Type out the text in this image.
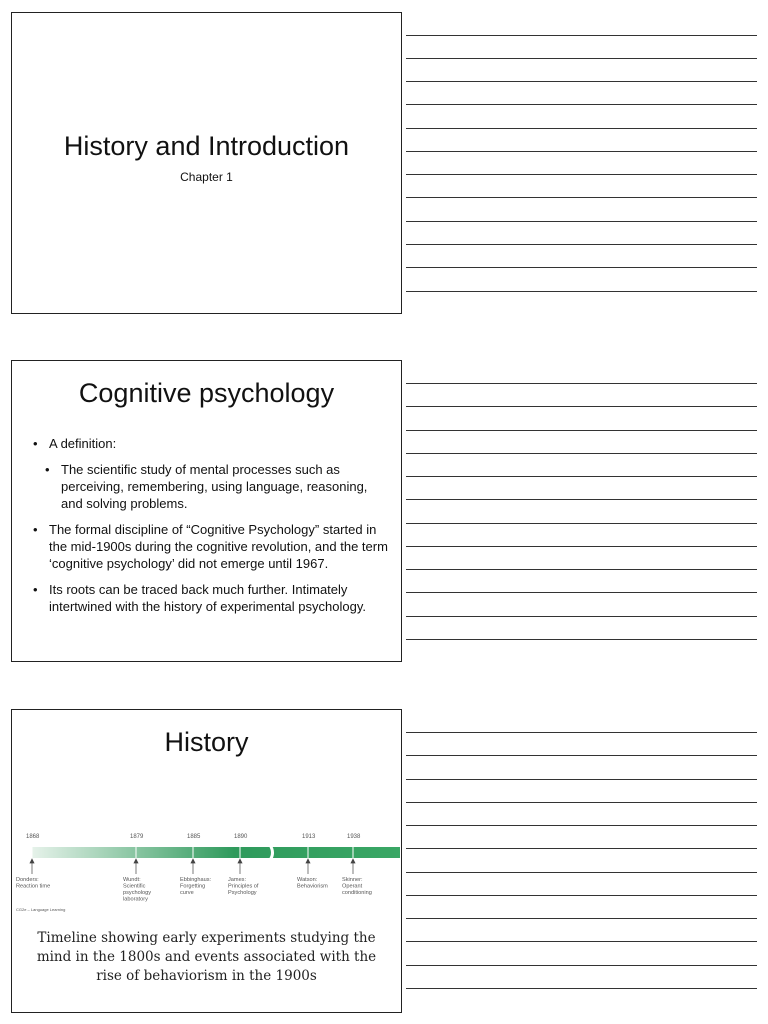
History and Introduction
Chapter 1
Cognitive psychology
• A definition:
• The scientific study of mental processes such as perceiving, remembering, using language, reasoning, and solving problems.
• The formal discipline of “Cognitive Psychology” started in the mid-1900s during the cognitive revolution, and the term ‘cognitive psychology’ did not emerge until 1967.
• Its roots can be traced back much further. Intimately intertwined with the history of experimental psychology.
History
1868	1879	1885	1890	1913	1938
Donders: Reaction time
Wundt: Scientific psychology laboratory
Ebbinghaus: Forgetting curve
James: Principles of Psychology
Watson: Behaviorism
Skinner: Operant conditioning
CG2e – Language Learning
Timeline showing early experiments studying the mind in the 1800s and events associated with the rise of behaviorism in the 1900s
